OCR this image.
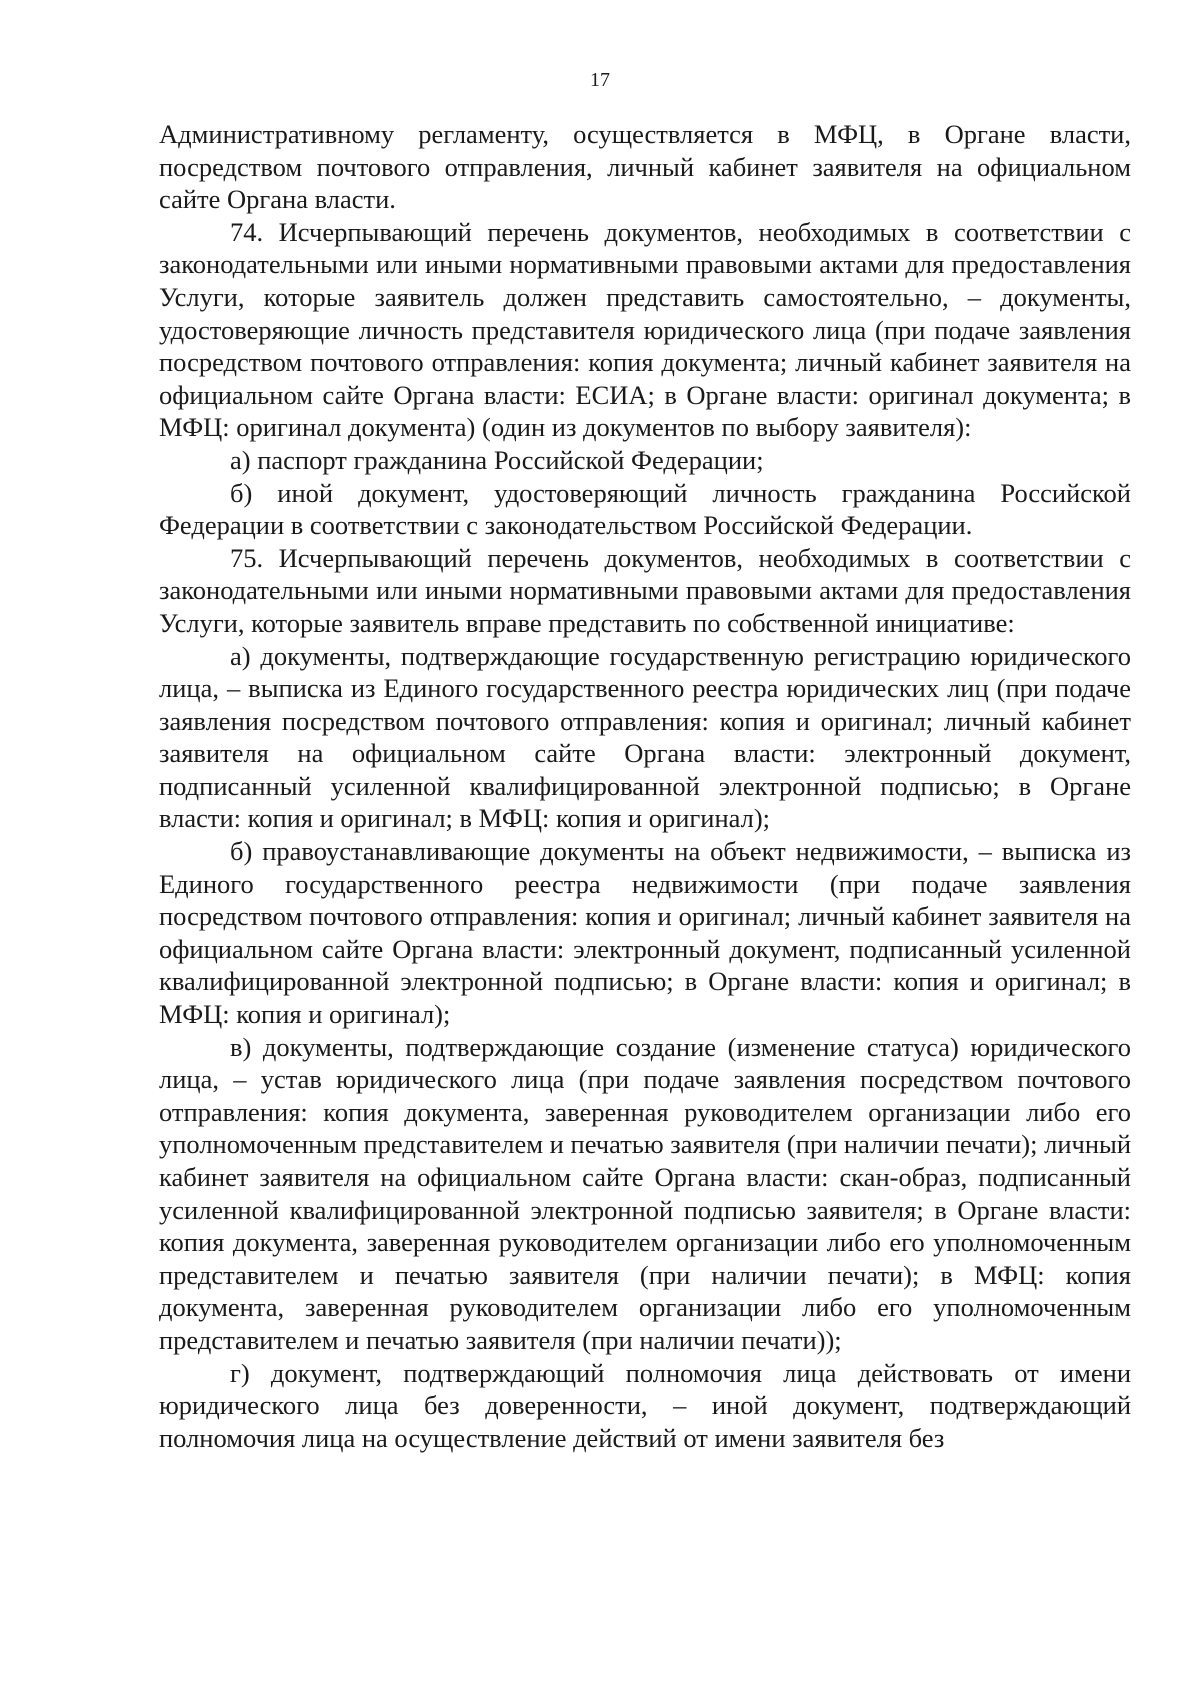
17

Административному регламенту, осуществляется в МФЦ, в Органе власти, посредством почтового отправления, личный кабинет заявителя на официальном сайте Органа власти.

74. Исчерпывающий перечень документов, необходимых в соответствии с законодательными или иными нормативными правовыми актами для предоставления Услуги, которые заявитель должен представить самостоятельно, – документы, удостоверяющие личность представителя юридического лица (при подаче заявления посредством почтового отправления: копия документа; личный кабинет заявителя на официальном сайте Органа власти: ЕСИА; в Органе власти: оригинал документа; в МФЦ: оригинал документа) (один из документов по выбору заявителя):

а) паспорт гражданина Российской Федерации;

б) иной документ, удостоверяющий личность гражданина Российской Федерации в соответствии с законодательством Российской Федерации.

75. Исчерпывающий перечень документов, необходимых в соответствии с законодательными или иными нормативными правовыми актами для предоставления Услуги, которые заявитель вправе представить по собственной инициативе:

а) документы, подтверждающие государственную регистрацию юридического лица, – выписка из Единого государственного реестра юридических лиц (при подаче заявления посредством почтового отправления: копия и оригинал; личный кабинет заявителя на официальном сайте Органа власти: электронный документ, подписанный усиленной квалифицированной электронной подписью; в Органе власти: копия и оригинал; в МФЦ: копия и оригинал);

б) правоустанавливающие документы на объект недвижимости, – выписка из Единого государственного реестра недвижимости (при подаче заявления посредством почтового отправления: копия и оригинал; личный кабинет заявителя на официальном сайте Органа власти: электронный документ, подписанный усиленной квалифицированной электронной подписью; в Органе власти: копия и оригинал; в МФЦ: копия и оригинал);

в) документы, подтверждающие создание (изменение статуса) юридического лица, – устав юридического лица (при подаче заявления посредством почтового отправления: копия документа, заверенная руководителем организации либо его уполномоченным представителем и печатью заявителя (при наличии печати); личный кабинет заявителя на официальном сайте Органа власти: скан-образ, подписанный усиленной квалифицированной электронной подписью заявителя; в Органе власти: копия документа, заверенная руководителем организации либо его уполномоченным представителем и печатью заявителя (при наличии печати); в МФЦ: копия документа, заверенная руководителем организации либо его уполномоченным представителем и печатью заявителя (при наличии печати));

г) документ, подтверждающий полномочия лица действовать от имени юридического лица без доверенности, – иной документ, подтверждающий полномочия лица на осуществление действий от имени заявителя без
